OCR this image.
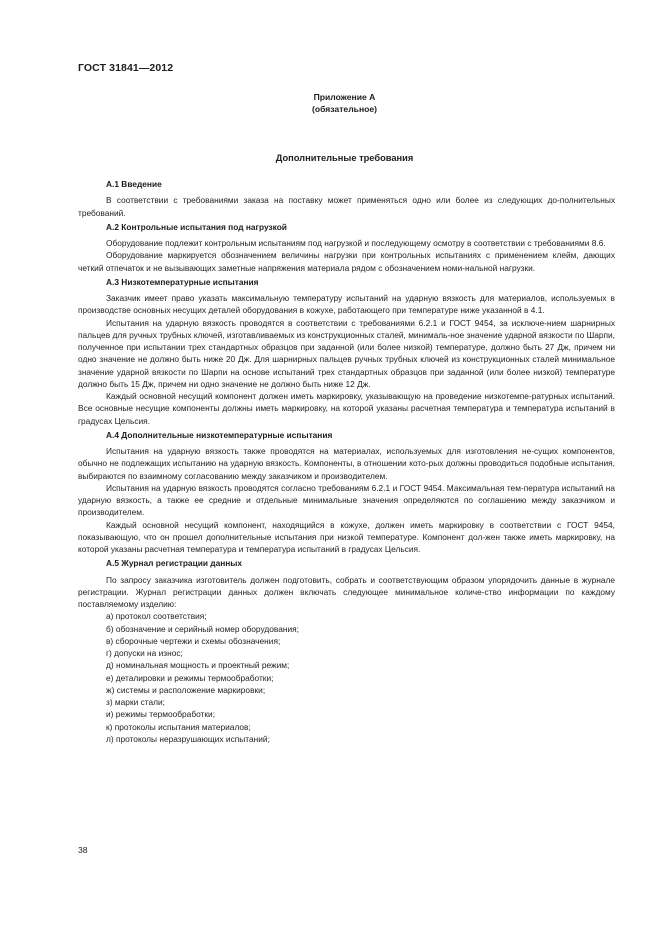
ГОСТ 31841—2012
Приложение А
(обязательное)
Дополнительные требования
А.1 Введение

В соответствии с требованиями заказа на поставку может применяться одно или более из следующих до-полнительных требований.

А.2 Контрольные испытания под нагрузкой

Оборудование подлежит контрольным испытаниям под нагрузкой и последующему осмотру в соответствии с требованиями 8.6.

Оборудование маркируется обозначением величины нагрузки при контрольных испытаниях с применением клейм, дающих четкий отпечаток и не вызывающих заметные напряжения материала рядом с обозначением номи-нальной нагрузки.

А.3 Низкотемпературные испытания

Заказчик имеет право указать максимальную температуру испытаний на ударную вязкость для материалов, используемых в производстве основных несущих деталей оборудования в кожухе, работающего при температуре ниже указанной в 4.1.

Испытания на ударную вязкость проводятся в соответствии с требованиями 6.2.1 и ГОСТ 9454, за исключе-нием шарнирных пальцев для ручных трубных ключей, изготавливаемых из конструкционных сталей, минималь-ное значение ударной вязкости по Шарпи, полученное при испытании трех стандартных образцов при заданной (или более низкой) температуре, должно быть 27 Дж, причем ни одно значение не должно быть ниже 20 Дж. Для шарнирных пальцев ручных трубных ключей из конструкционных сталей минимальное значение ударной вязкости по Шарпи на основе испытаний трех стандартных образцов при заданной (или более низкой) температуре должно быть 15 Дж, причем ни одно значение не должно быть ниже 12 Дж.

Каждый основной несущий компонент должен иметь маркировку, указывающую на проведение низкотемпе-ратурных испытаний. Все основные несущие компоненты должны иметь маркировку, на которой указаны расчетная температура и температура испытаний в градусах Цельсия.

А.4 Дополнительные низкотемпературные испытания

Испытания на ударную вязкость также проводятся на материалах, используемых для изготовления не-сущих компонентов, обычно не подлежащих испытанию на ударную вязкость. Компоненты, в отношении кото-рых должны проводиться подобные испытания, выбираются по взаимному согласованию между заказчиком и производителем.

Испытания на ударную вязкость проводятся согласно требованиям 6.2.1 и ГОСТ 9454. Максимальная тем-пература испытаний на ударную вязкость, а также ее средние и отдельные минимальные значения определяются по соглашению между заказчиком и производителем.

Каждый основной несущий компонент, находящийся в кожухе, должен иметь маркировку в соответствии с ГОСТ 9454, показывающую, что он прошел дополнительные испытания при низкой температуре. Компонент дол-жен также иметь маркировку, на которой указаны расчетная температура и температура испытаний в градусах Цельсия.

А.5 Журнал регистрации данных

По запросу заказчика изготовитель должен подготовить, собрать и соответствующим образом упорядочить данные в журнале регистрации. Журнал регистрации данных должен включать следующее минимальное количе-ство информации по каждому поставляемому изделию:

а) протокол соответствия;
б) обозначение и серийный номер оборудования;
в) сборочные чертежи и схемы обозначения;
г) допуски на износ;
д) номинальная мощность и проектный режим;
е) деталировки и режимы термообработки;
ж) системы и расположение маркировки;
з) марки стали;
и) режимы термообработки;
к) протоколы испытания материалов;
л) протоколы неразрушающих испытаний;
38
